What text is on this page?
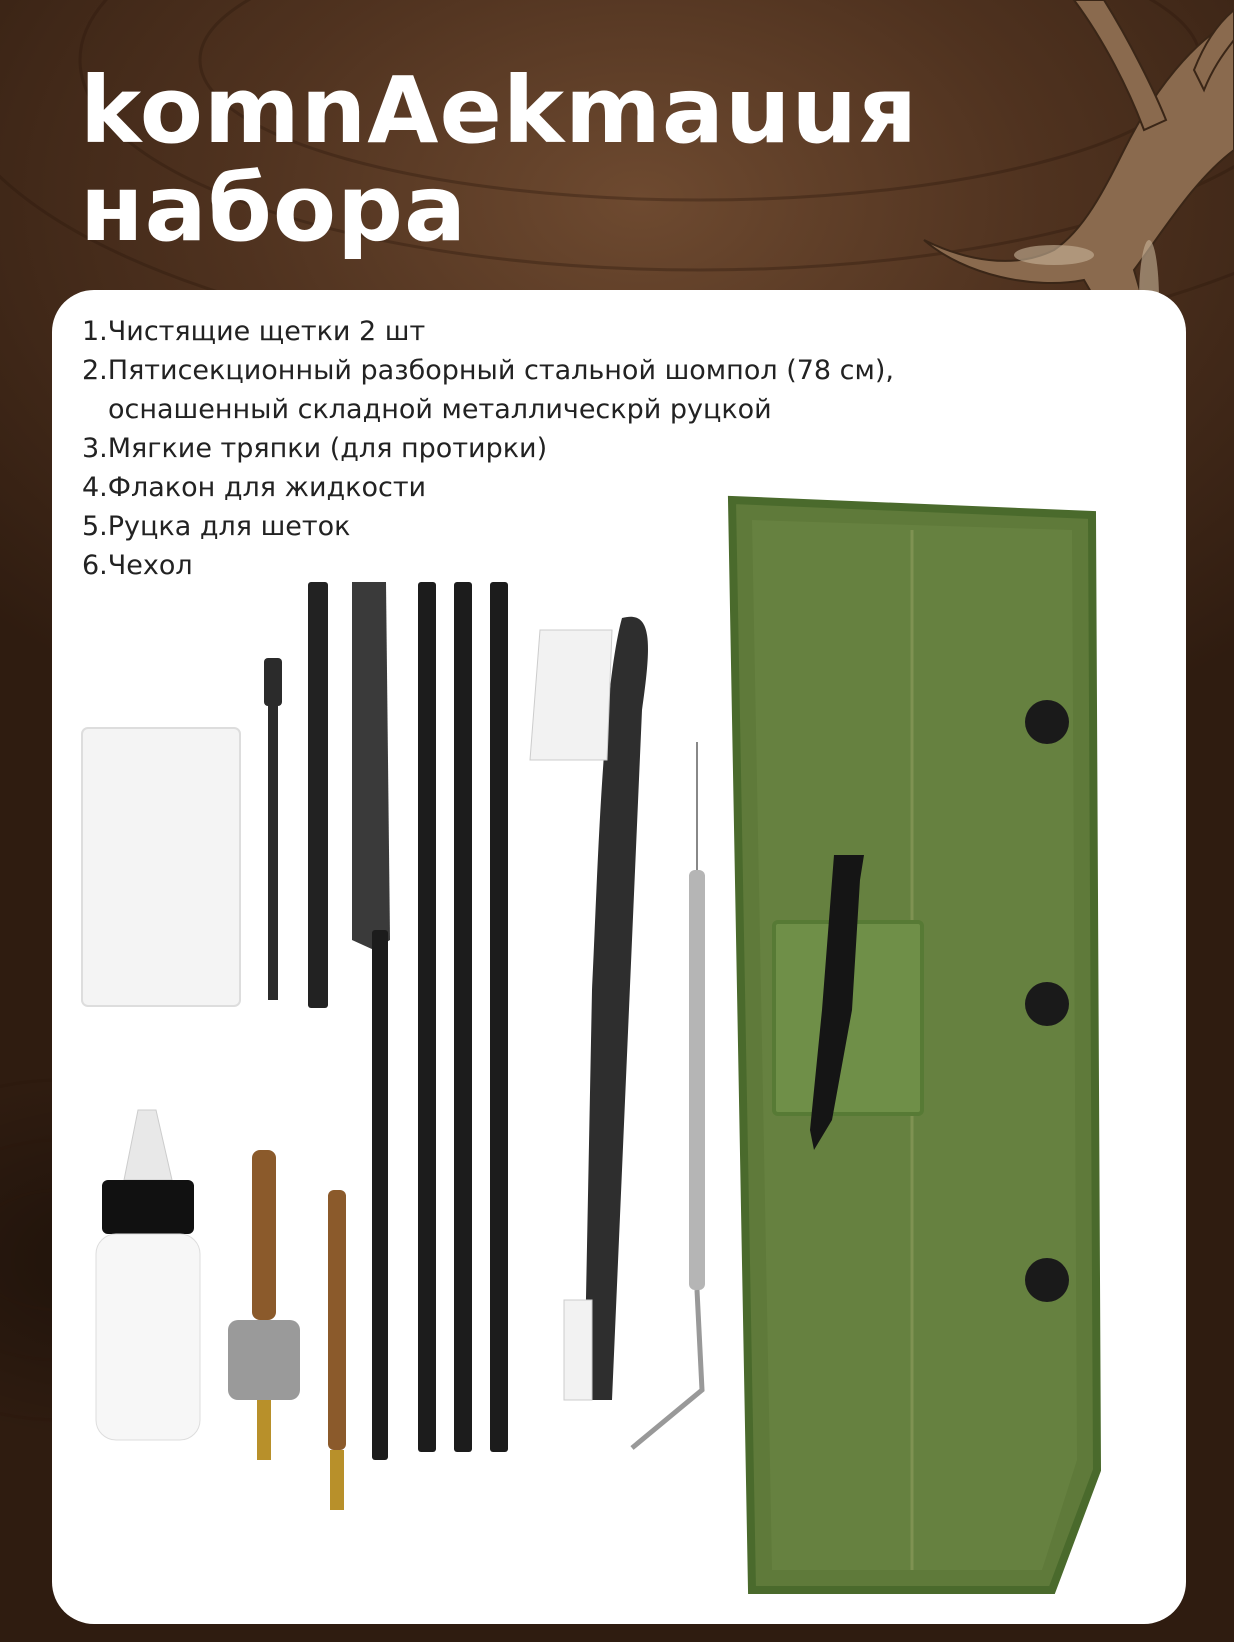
komnAekmauuя
набора
1.Чистящие щетки 2 шт
2.Пятисекционный разборный стальной шомпол (78 см),
оснашенный складной металлическрй руцкой
3.Мягкие тряпки (для протирки)
4.Флакон для жидкости
5.Руцка для шеток
6.Чехол
